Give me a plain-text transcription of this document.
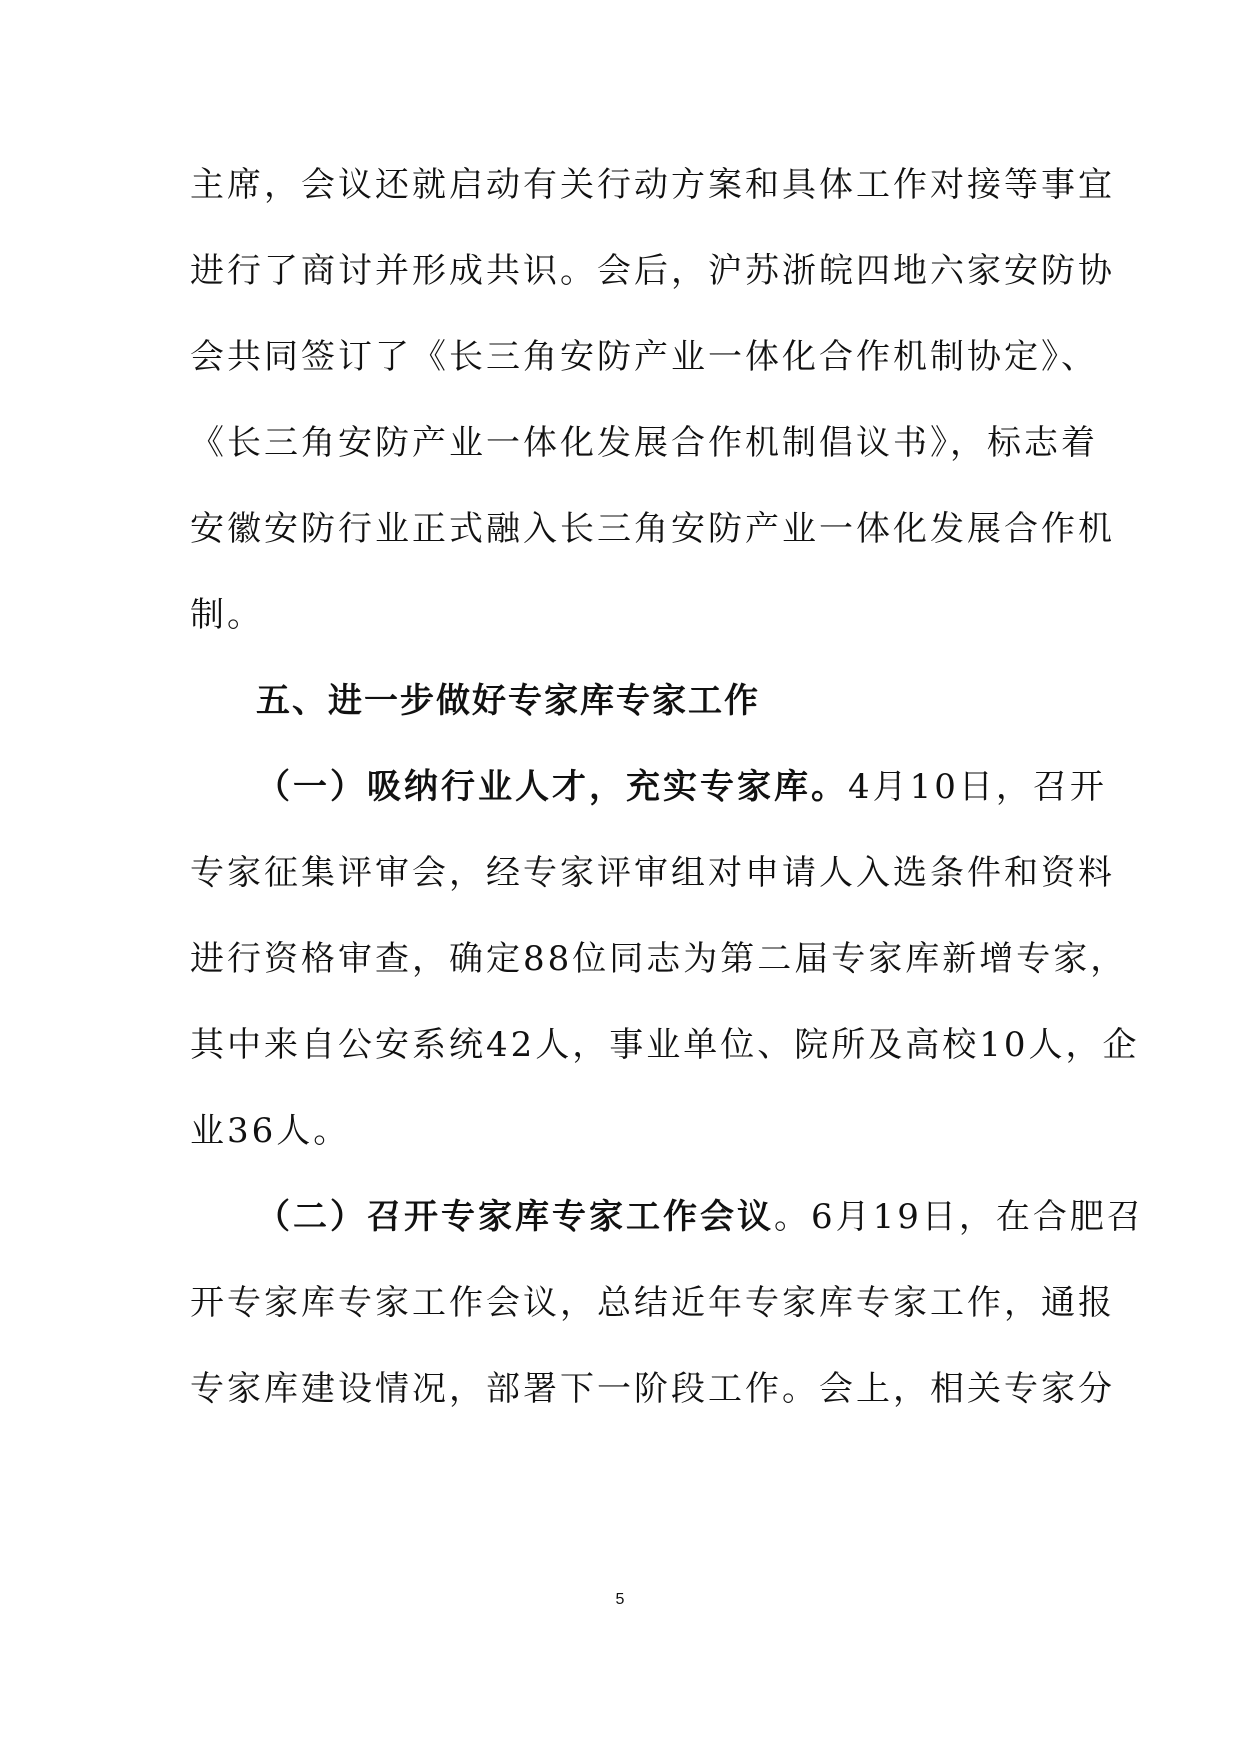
主席，会议还就启动有关行动方案和具体工作对接等事宜
进行了商讨并形成共识。会后，沪苏浙皖四地六家安防协
会共同签订了《长三角安防产业一体化合作机制协定》、
《长三角安防产业一体化发展合作机制倡议书》，标志着
安徽安防行业正式融入长三角安防产业一体化发展合作机
制。
五、进一步做好专家库专家工作
（一）吸纳行业人才，充实专家库。4月10日，召开
专家征集评审会，经专家评审组对申请人入选条件和资料
进行资格审查，确定88位同志为第二届专家库新增专家，
其中来自公安系统42人，事业单位、院所及高校10人，企
业36人。
（二）召开专家库专家工作会议。6月19日，在合肥召
开专家库专家工作会议，总结近年专家库专家工作，通报
专家库建设情况，部署下一阶段工作。会上，相关专家分
5
